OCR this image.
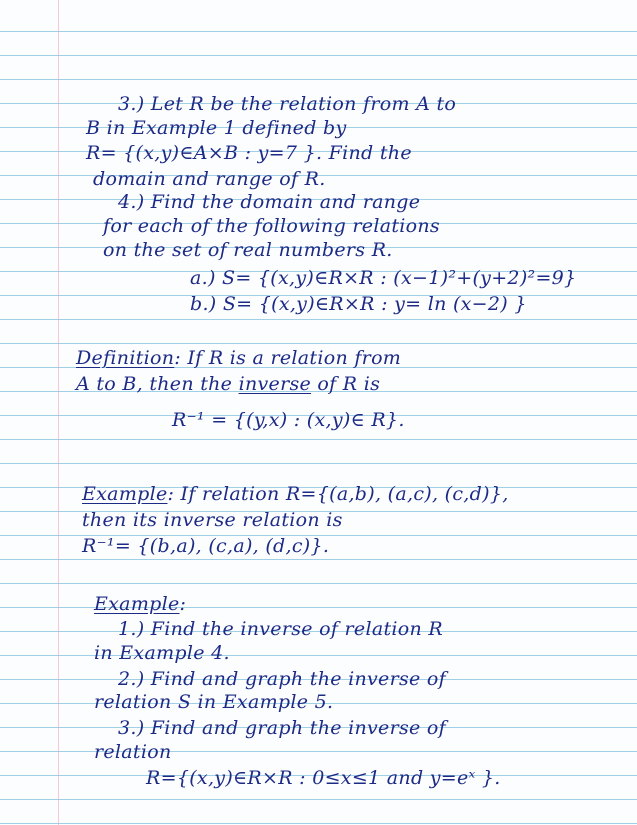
3.) Let R be the relation from A to
B in Example 1 defined by
R= {(x,y)∈A×B : y=7 }. Find the
domain and range of R.
4.) Find the domain and range
for each of the following relations
on the set of real numbers R.
a.) S= {(x,y)∈R×R : (x−1)²+(y+2)²=9}
b.) S= {(x,y)∈R×R : y= ln (x−2) }
Definition: If R is a relation from
A to B, then the inverse of R is
R⁻¹ = {(y,x) : (x,y)∈ R}.
Example: If relation R={(a,b), (a,c), (c,d)},
then its inverse relation is
R⁻¹= {(b,a), (c,a), (d,c)}.
Example:
1.) Find the inverse of relation R
in Example 4.
2.) Find and graph the inverse of
relation S in Example 5.
3.) Find and graph the inverse of
relation
R={(x,y)∈R×R : 0≤x≤1 and y=eˣ }.
